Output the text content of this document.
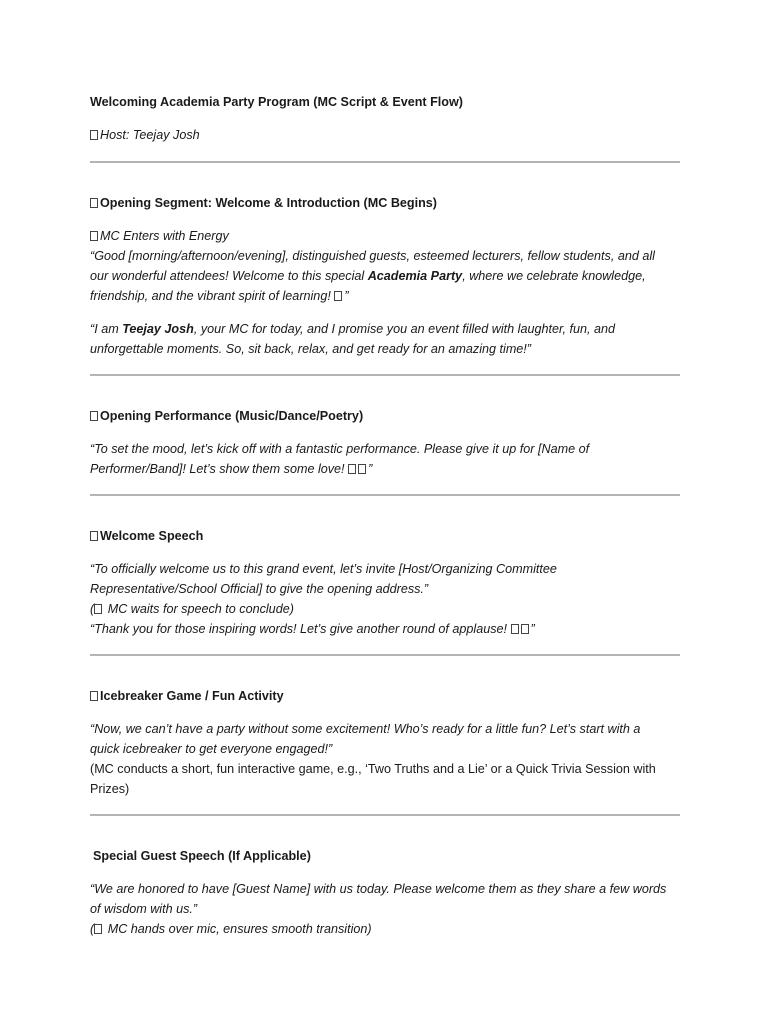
Welcoming Academia Party Program (MC Script & Event Flow)

Host: Teejay Josh

Opening Segment: Welcome & Introduction (MC Begins)

MC Enters with Energy
“Good [morning/afternoon/evening], distinguished guests, esteemed lecturers, fellow students, and all
our wonderful attendees! Welcome to this special Academia Party, where we celebrate knowledge,
friendship, and the vibrant spirit of learning! ”

“I am Teejay Josh, your MC for today, and I promise you an event filled with laughter, fun, and
unforgettable moments. So, sit back, relax, and get ready for an amazing time!”

Opening Performance (Music/Dance/Poetry)

“To set the mood, let’s kick off with a fantastic performance. Please give it up for [Name of
Performer/Band]! Let’s show them some love! ”

Welcome Speech

“To officially welcome us to this grand event, let’s invite [Host/Organizing Committee
Representative/School Official] to give the opening address.”
( MC waits for speech to conclude)
“Thank you for those inspiring words! Let’s give another round of applause! ”

Icebreaker Game / Fun Activity

“Now, we can’t have a party without some excitement! Who’s ready for a little fun? Let’s start with a
quick icebreaker to get everyone engaged!”
(MC conducts a short, fun interactive game, e.g., ‘Two Truths and a Lie’ or a Quick Trivia Session with
Prizes)

Special Guest Speech (If Applicable)

“We are honored to have [Guest Name] with us today. Please welcome them as they share a few words
of wisdom with us.”
( MC hands over mic, ensures smooth transition)
